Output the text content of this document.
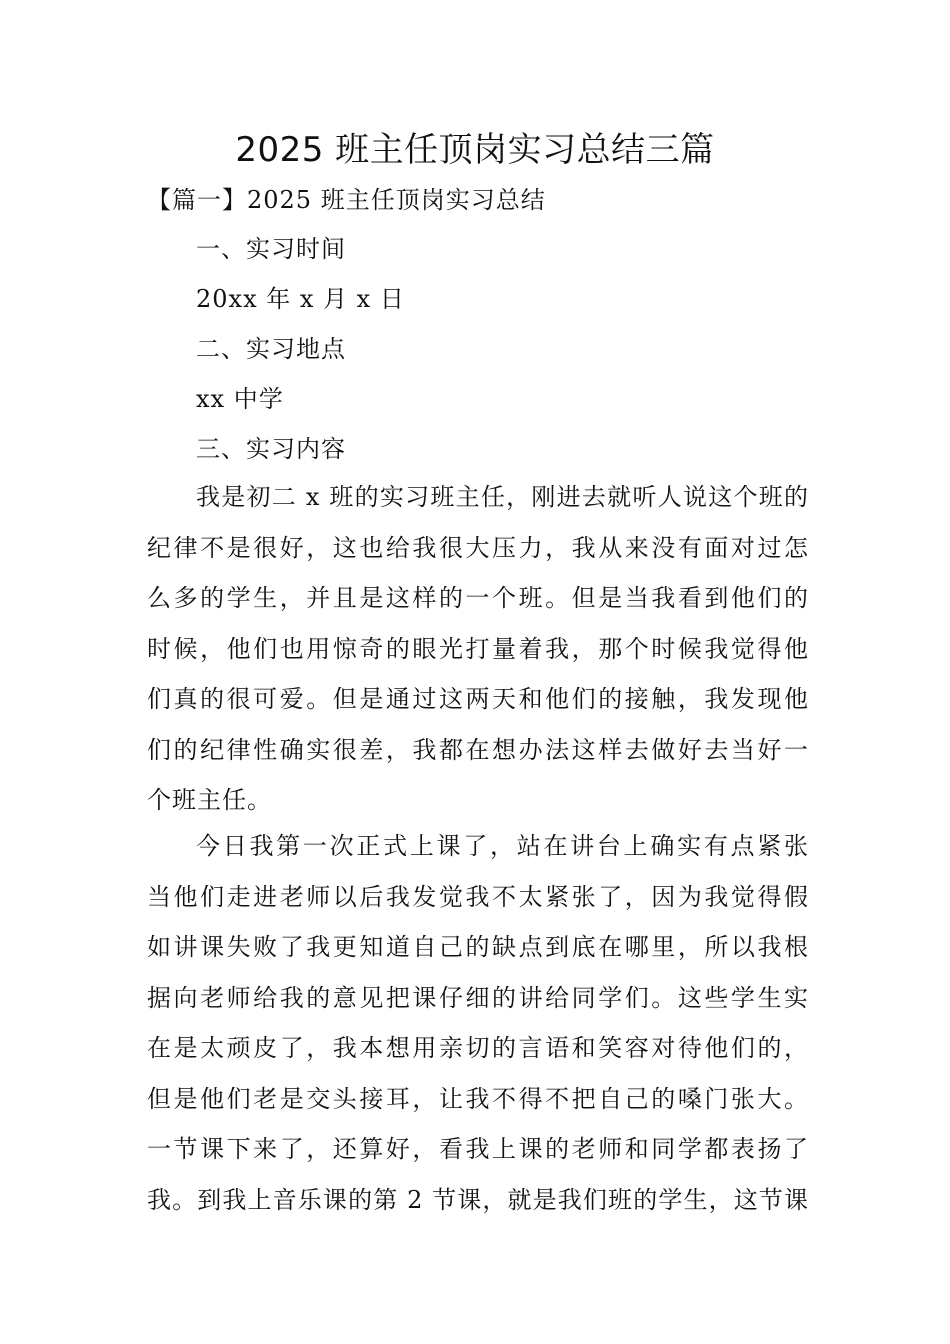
2025 班主任顶岗实习总结三篇
【篇一】2025 班主任顶岗实习总结
一、实习时间
20xx 年 x 月 x 日
二、实习地点
xx 中学
三、实习内容
我是初二 x 班的实习班主任，刚进去就听人说这个班的
纪律不是很好，这也给我很大压力，我从来没有面对过怎
么多的学生，并且是这样的一个班。但是当我看到他们的
时候，他们也用惊奇的眼光打量着我，那个时候我觉得他
们真的很可爱。但是通过这两天和他们的接触，我发现他
们的纪律性确实很差，我都在想办法这样去做好去当好一
个班主任。
今日我第一次正式上课了，站在讲台上确实有点紧张
当他们走进老师以后我发觉我不太紧张了，因为我觉得假
如讲课失败了我更知道自己的缺点到底在哪里，所以我根
据向老师给我的意见把课仔细的讲给同学们。这些学生实
在是太顽皮了，我本想用亲切的言语和笑容对待他们的，
但是他们老是交头接耳，让我不得不把自己的嗓门张大。
一节课下来了，还算好，看我上课的老师和同学都表扬了
我。到我上音乐课的第 2 节课，就是我们班的学生，这节课
